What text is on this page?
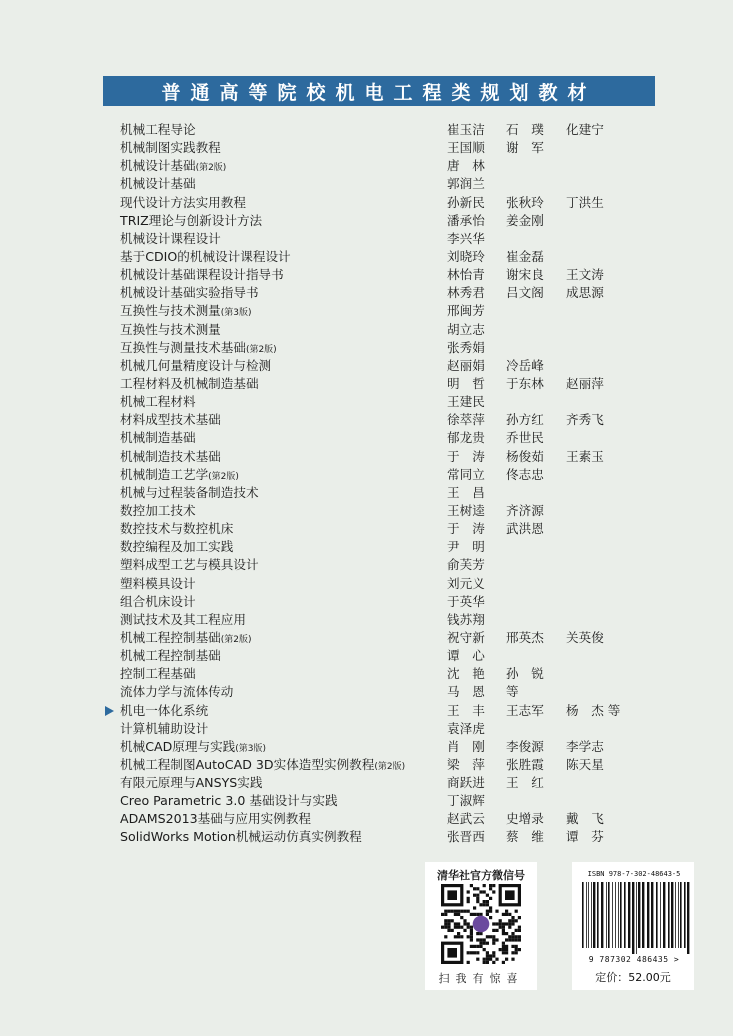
普通高等院校机电工程类规划教材
机械工程导论	崔玉洁 石　璞 化建宁
机械制图实践教程	王国顺 谢　军
机械设计基础(第2版)	唐　林
机械设计基础	郭润兰
现代设计方法实用教程	孙新民 张秋玲 丁洪生
TRIZ理论与创新设计方法	潘承怡 姜金刚
机械设计课程设计	李兴华
基于CDIO的机械设计课程设计	刘晓玲 崔金磊
机械设计基础课程设计指导书	林怡青 谢宋良 王文涛
机械设计基础实验指导书	林秀君 吕文阁 成思源
互换性与技术测量(第3版)	邢闽芳
互换性与技术测量	胡立志
互换性与测量技术基础(第2版)	张秀娟
机械几何量精度设计与检测	赵丽娟 冷岳峰
工程材料及机械制造基础	明　哲 于东林 赵丽萍
机械工程材料	王建民
材料成型技术基础	徐萃萍 孙方红 齐秀飞
机械制造基础	郁龙贵 乔世民
机械制造技术基础	于　涛 杨俊茹 王素玉
机械制造工艺学(第2版)	常同立 佟志忠
机械与过程装备制造技术	王　昌
数控加工技术	王树逵 齐济源
数控技术与数控机床	于　涛 武洪恩
数控编程及加工实践	尹　明
塑料成型工艺与模具设计	俞芙芳
塑料模具设计	刘元义
组合机床设计	于英华
测试技术及其工程应用	钱苏翔
机械工程控制基础(第2版)	祝守新 邢英杰 关英俊
机械工程控制基础	谭　心
控制工程基础	沈　艳 孙　锐
流体力学与流体传动	马　恩 等
机电一体化系统	王　丰 王志军 杨　杰 等
计算机辅助设计	袁泽虎
机械CAD原理与实践(第3版)	肖　刚 李俊源 李学志
机械工程制图AutoCAD 3D实体造型实例教程(第2版)	梁　萍 张胜霞 陈天星
有限元原理与ANSYS实践	商跃进 王　红
Creo Parametric 3.0 基础设计与实践	丁淑辉
ADAMS2013基础与应用实例教程	赵武云 史增录 戴　飞
SolidWorks Motion机械运动仿真实例教程	张晋西 蔡　维 谭　芬
清华社官方微信号
扫我有惊喜
ISBN 978-7-302-48643-5
9 787302 486435 >
定价：52.00元
